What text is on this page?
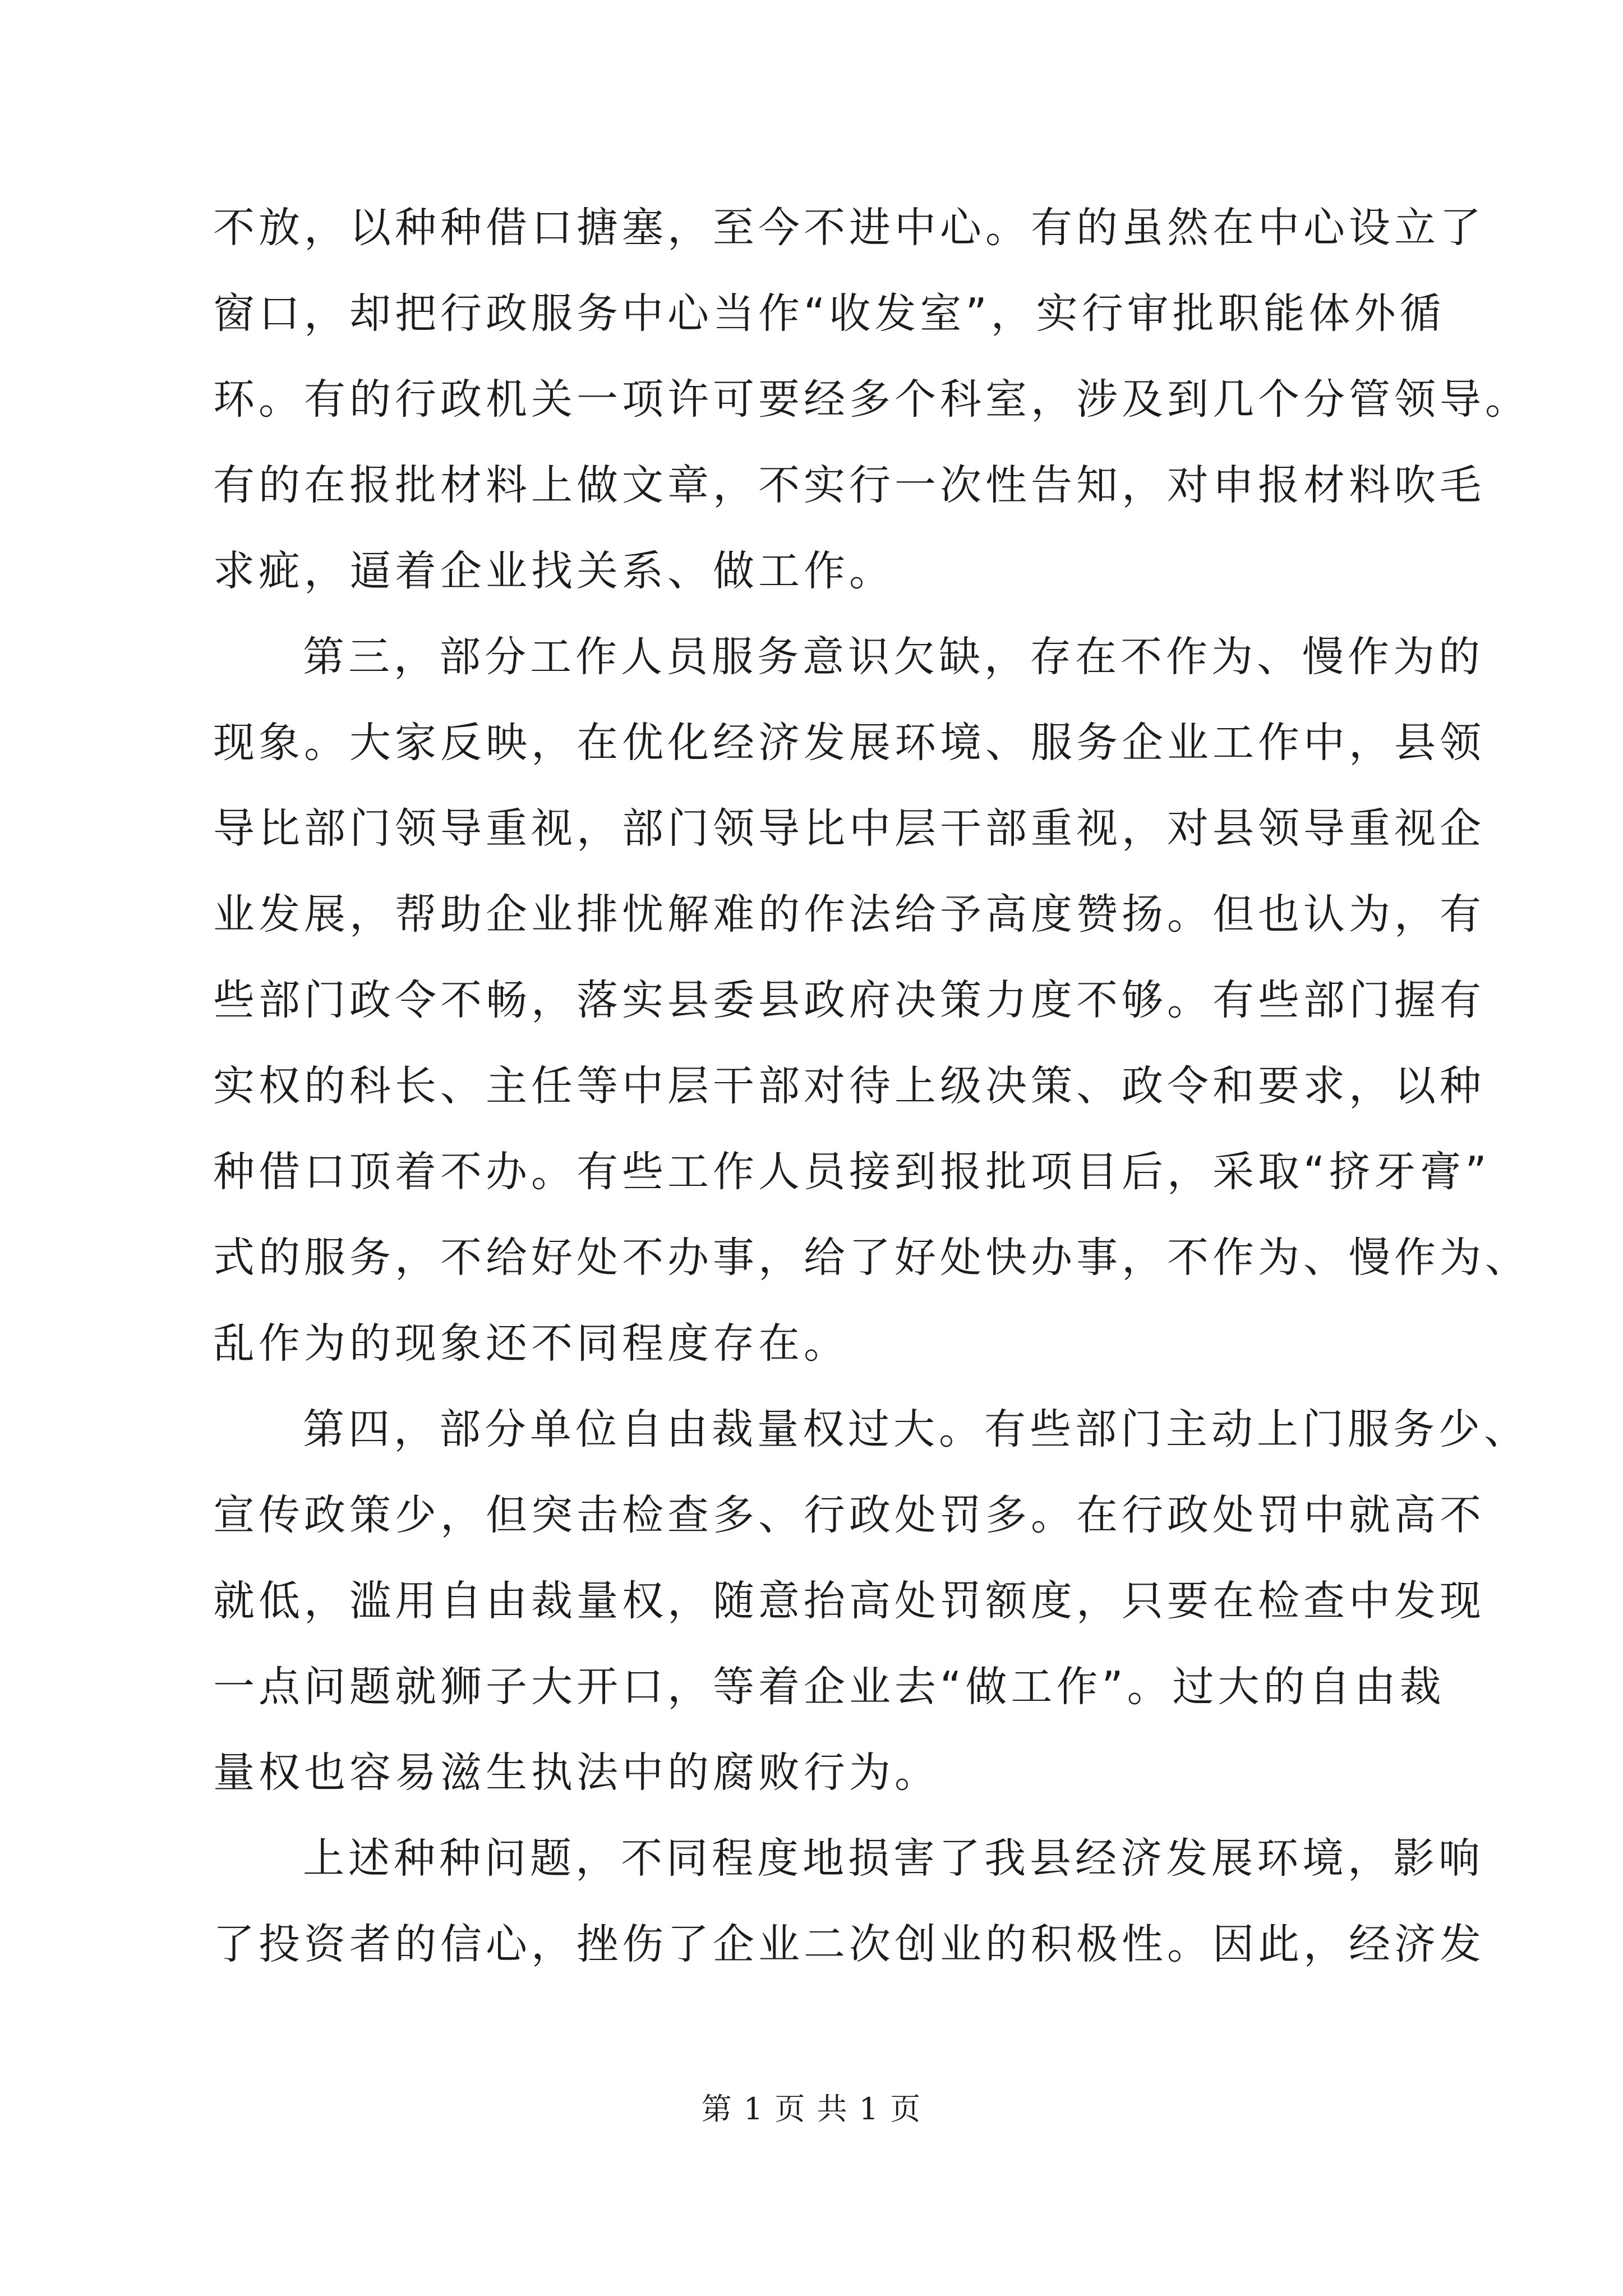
不放，以种种借口搪塞，至今不进中心。有的虽然在中心设立了
窗口，却把行政服务中心当作“收发室”，实行审批职能体外循
环。有的行政机关一项许可要经多个科室，涉及到几个分管领导。
有的在报批材料上做文章，不实行一次性告知，对申报材料吹毛
求疵，逼着企业找关系、做工作。
第三，部分工作人员服务意识欠缺，存在不作为、慢作为的
现象。大家反映，在优化经济发展环境、服务企业工作中，县领
导比部门领导重视，部门领导比中层干部重视，对县领导重视企
业发展，帮助企业排忧解难的作法给予高度赞扬。但也认为，有
些部门政令不畅，落实县委县政府决策力度不够。有些部门握有
实权的科长、主任等中层干部对待上级决策、政令和要求，以种
种借口顶着不办。有些工作人员接到报批项目后，采取“挤牙膏”
式的服务，不给好处不办事，给了好处快办事，不作为、慢作为、
乱作为的现象还不同程度存在。
第四，部分单位自由裁量权过大。有些部门主动上门服务少、
宣传政策少，但突击检查多、行政处罚多。在行政处罚中就高不
就低，滥用自由裁量权，随意抬高处罚额度，只要在检查中发现
一点问题就狮子大开口，等着企业去“做工作”。过大的自由裁
量权也容易滋生执法中的腐败行为。
上述种种问题，不同程度地损害了我县经济发展环境，影响
了投资者的信心，挫伤了企业二次创业的积极性。因此，经济发
第 1 页 共 1 页
